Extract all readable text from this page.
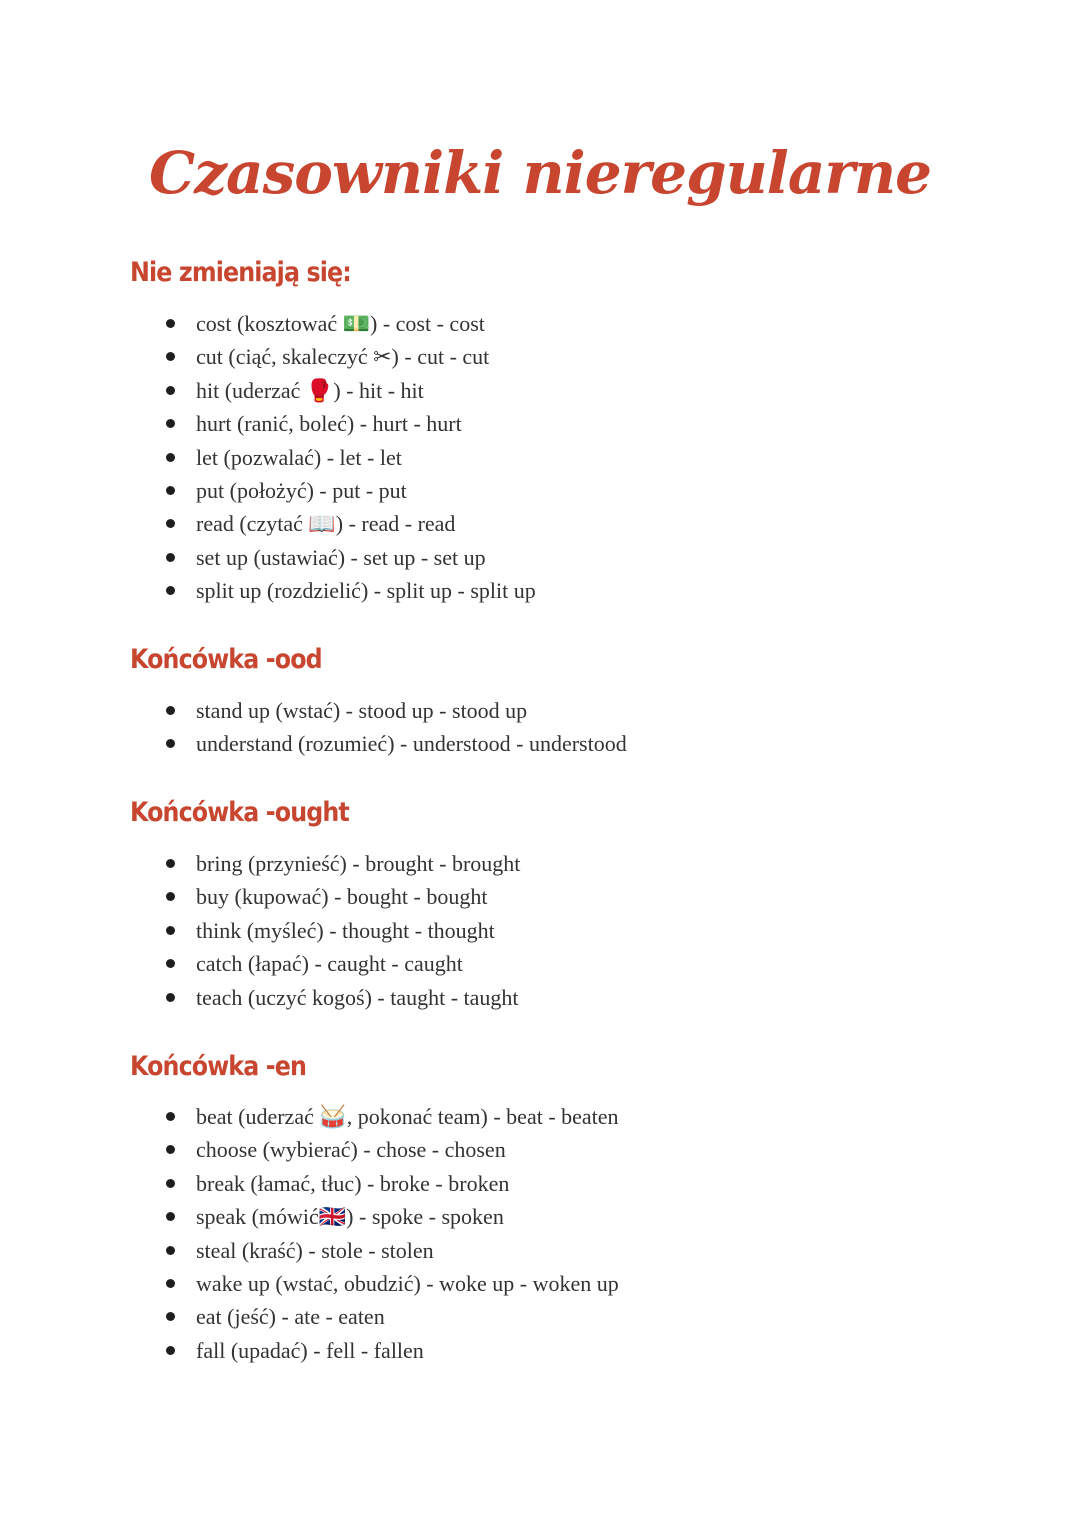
Czasowniki nieregularne
Nie zmieniają się:
cost (kosztować 💵) - cost - cost
cut (ciąć, skaleczyć ✂) - cut - cut
hit (uderzać 🥊) - hit - hit
hurt (ranić, boleć) - hurt - hurt
let (pozwalać) - let - let
put (położyć) - put - put
read (czytać 📖) - read - read
set up (ustawiać) - set up - set up
split up (rozdzielić) - split up - split up
Końcówka -ood
stand up (wstać) - stood up - stood up
understand (rozumieć) - understood - understood
Końcówka -ought
bring (przynieść) - brought - brought
buy (kupować) - bought - bought
think (myśleć) - thought - thought
catch (łapać) - caught - caught
teach (uczyć kogoś) - taught - taught
Końcówka -en
beat (uderzać 🥁, pokonać team) - beat - beaten
choose (wybierać) - chose - chosen
break (łamać, tłuc) - broke - broken
speak (mówić🇬🇧) - spoke - spoken
steal (kraść) - stole - stolen
wake up (wstać, obudzić) - woke up - woken up
eat (jeść) - ate - eaten
fall (upadać) - fell - fallen
